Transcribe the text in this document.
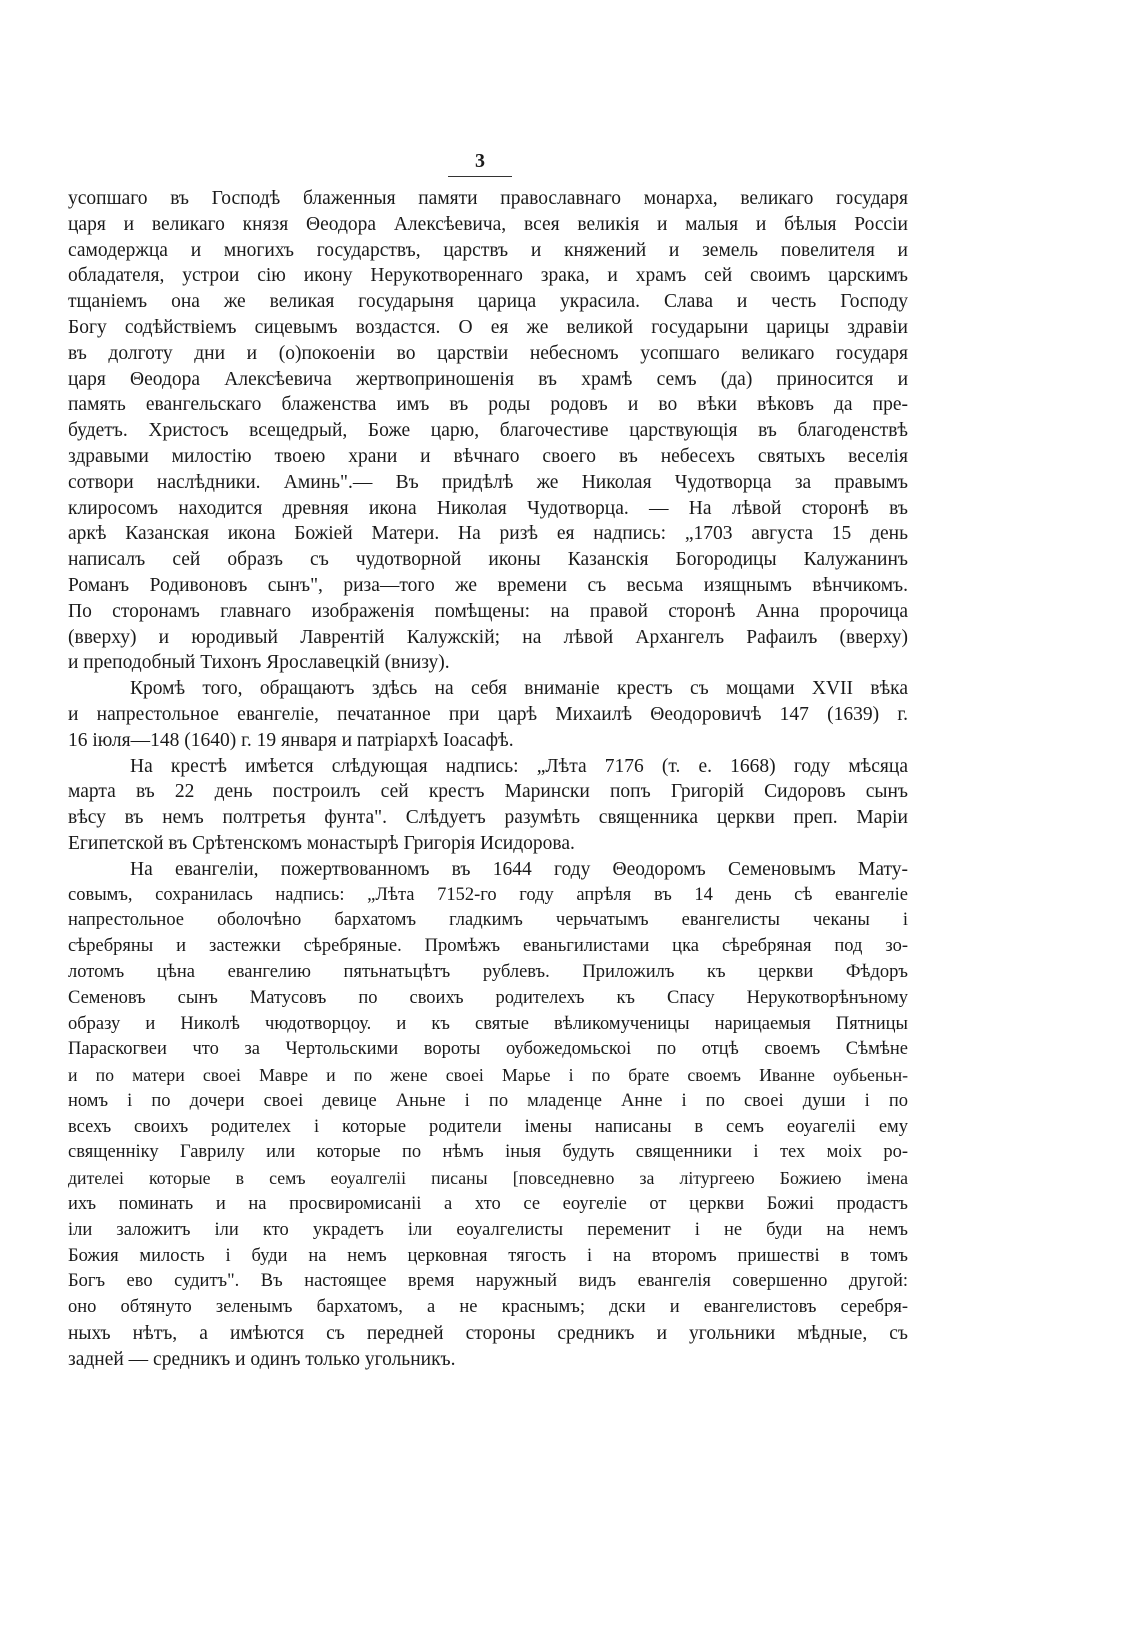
3
усопшаго въ Господѣ блаженныя памяти православнаго монарха, великаго государя
царя и великаго князя Θеодора Алексѣевича, всея великія и малыя и бѣлыя Россіи
самодержца и многихъ государствъ, царствъ и княжений и земель повелителя и
обладателя, устрои сію икону Нерукотвореннаго зрака, и храмъ сей своимъ царскимъ
тщаніемъ она же великая государыня царица украсила. Слава и честь Господу
Богу содѣйствіемъ сицевымъ воздастся. О ея же великой государыни царицы здравіи
въ долготу дни и (о)покоеніи во царствіи небесномъ усопшаго великаго государя
царя Θеодора Алексѣевича жертвоприношенія въ храмѣ семъ (да) приносится и
память евангельскаго блаженства имъ въ роды родовъ и во вѣки вѣковъ да пре-
будетъ. Христосъ всещедрый, Боже царю, благочестиве царствующія въ благоденствѣ
здравыми милостію твоею хрaни и вѣчнаго своего въ небесехъ святыхъ веселія
сотвори наслѣдники. Аминь".— Въ придѣлѣ же Николая Чудотворца за правымъ
клиросомъ находится древняя икона Николая Чудотворца. — На лѣвой сторонѣ въ
аркѣ Казанская икона Божіей Матери. На ризѣ ея надпись: „1703 августа 15 день
написалъ сей образъ съ чудотворной иконы Казанскія Богородицы Калужанинъ
Романъ Родивоновъ сынъ", риза—того же времени съ весьма изящнымъ вѣнчикомъ.
По сторонамъ главнаго изображенія помѣщены: на правой сторонѣ Анна пророчица
(вверху) и юродивый Лаврентій Калужскій; на лѣвой Архангелъ Рафаилъ (вверху)
и преподобный Тихонъ Ярославецкій (внизу).
Кромѣ того, обращаютъ здѣсь на себя вниманіе крестъ съ мощами XVII вѣка
и напрестольное евангеліе, печатанное при царѣ Михаилѣ Θеодоровичѣ 147 (1639) г.
16 іюля—148 (1640) г. 19 января и патріархѣ Іоасафѣ.
На крестѣ имѣется слѣдующая надпись: „Лѣта 7176 (т. е. 1668) году мѣсяца
марта въ 22 день построилъ сей крестъ Марински попъ Григорій Сидоровъ сынъ
вѣсу въ немъ полтретья фунта". Слѣдуетъ разумѣть священника церкви преп. Маріи
Египетской въ Срѣтенскомъ монастырѣ Григорія Исидорова.
На евангеліи, пожертвованномъ въ 1644 году Θеодоромъ Семеновымъ Мату-
совымъ, сохранилась надпись: „Лѣта 7152-го году апрѣля въ 14 день сѣ евангеліе
напрестольное оболочѣно бархатомъ гладкимъ черьчатымъ евангелисты чеканы і
сѣребряны и застежки сѣребряные. Промѣжъ еваньгилистами цка сѣребряная под зо-
лотомъ цѣна евангелию пятьнатьцѣтъ рублевъ. Приложилъ къ церкви Фѣдоръ
Семеновъ сынъ Матусовъ по своихъ родителехъ къ Спасу Нерукотворѣнъному
образу и Николѣ чюдотворцоу. и къ святые вѣликомученицы нарицаемыя Пятницы
Параскогвеи что за Чертольскими вороты оубожедомьскоі по отцѣ своемъ Сѣмѣне
и по матери своеі Мавре и по жене своеі Марье і по брате своемъ Иванне оубьеньн-
номъ і по дочери своеі девице Аньне і по младенце Анне і по своеі души і по
всехъ своихъ родителех і которые родители імены написаны в семъ еоуагеліі ему
священніку Гаврилу или которые по нѣмъ іныя будуть священники і тех моіх ро-
дителеі которые в семъ еоуалгеліі писаны [повседневно за літургеею Божиею імена
ихъ поминать и на просвиромисаніі а хто се еоугеліе от церкви Божиі продастъ
іли заложитъ іли кто украдетъ іли еоуалгелисты переменит і не буди на немъ
Божия милость і буди на немъ церковная тягость і на второмъ пришестві в томъ
Богъ ево судитъ". Въ настоящее время наружный видъ евангелія совершенно другой:
оно обтянуто зеленымъ бархатомъ, а не краснымъ; дски и евангелистовъ серебря-
ныхъ нѣтъ, а имѣются съ передней стороны средникъ и угольники мѣдные, съ
задней — средникъ и одинъ только угольникъ.
